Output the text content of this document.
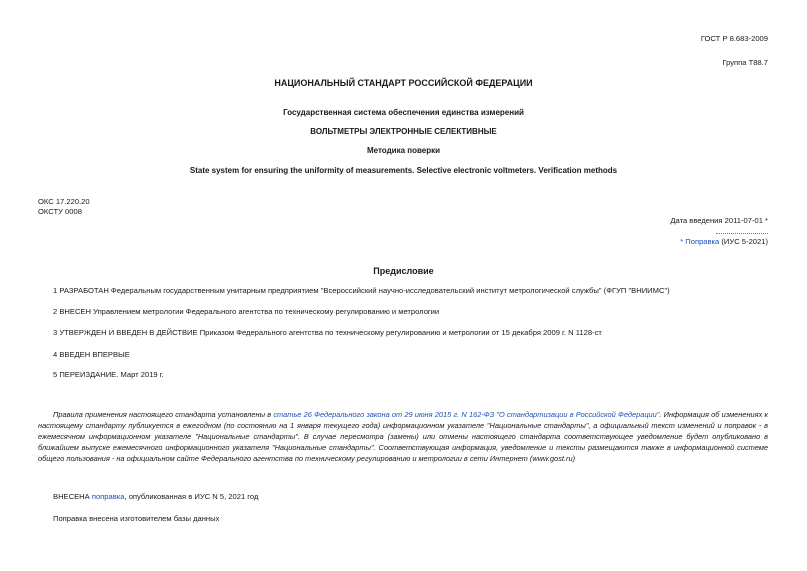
ГОСТ Р 8.683-2009
Группа Т88.7
НАЦИОНАЛЬНЫЙ СТАНДАРТ РОССИЙСКОЙ ФЕДЕРАЦИИ
Государственная система обеспечения единства измерений
ВОЛЬТМЕТРЫ ЭЛЕКТРОННЫЕ СЕЛЕКТИВНЫЕ
Методика поверки
State system for ensuring the uniformity of measurements. Selective electronic voltmeters. Verification methods
ОКС 17.220.20
ОКСТУ 0008
Дата введения 2011-07-01 *
* Поправка (ИУС 5-2021)
Предисловие
1 РАЗРАБОТАН Федеральным государственным унитарным предприятием "Всероссийский научно-исследовательский институт метрологической службы" (ФГУП "ВНИИМС")
2 ВНЕСЕН Управлением метрологии Федерального агентства по техническому регулированию и метрологии
3 УТВЕРЖДЕН И ВВЕДЕН В ДЕЙСТВИЕ Приказом Федерального агентства по техническому регулированию и метрологии от 15 декабря 2009 г. N 1128-ст
4 ВВЕДЕН ВПЕРВЫЕ
5 ПЕРЕИЗДАНИЕ. Март 2019 г.
Правила применения настоящего стандарта установлены в статье 26 Федерального закона от 29 июня 2015 г. N 162-ФЗ "О стандартизации в Российской Федерации". Информация об изменениях к настоящему стандарту публикуется в ежегодном (по состоянию на 1 января текущего года) информационном указателе "Национальные стандарты", а официальный текст изменений и поправок - в ежемесячном информационном указателе "Национальные стандарты". В случае пересмотра (замены) или отмены настоящего стандарта соответствующее уведомление будет опубликовано в ближайшем выпуске ежемесячного информационного указателя "Национальные стандарты". Соответствующая информация, уведомление и тексты размещаются также в информационной системе общего пользования - на официальном сайте Федерального агентства по техническому регулированию и метрологии в сети Интернет (www.gost.ru)
ВНЕСЕНА поправка, опубликованная в ИУС N 5, 2021 год
Поправка внесена изготовителем базы данных
